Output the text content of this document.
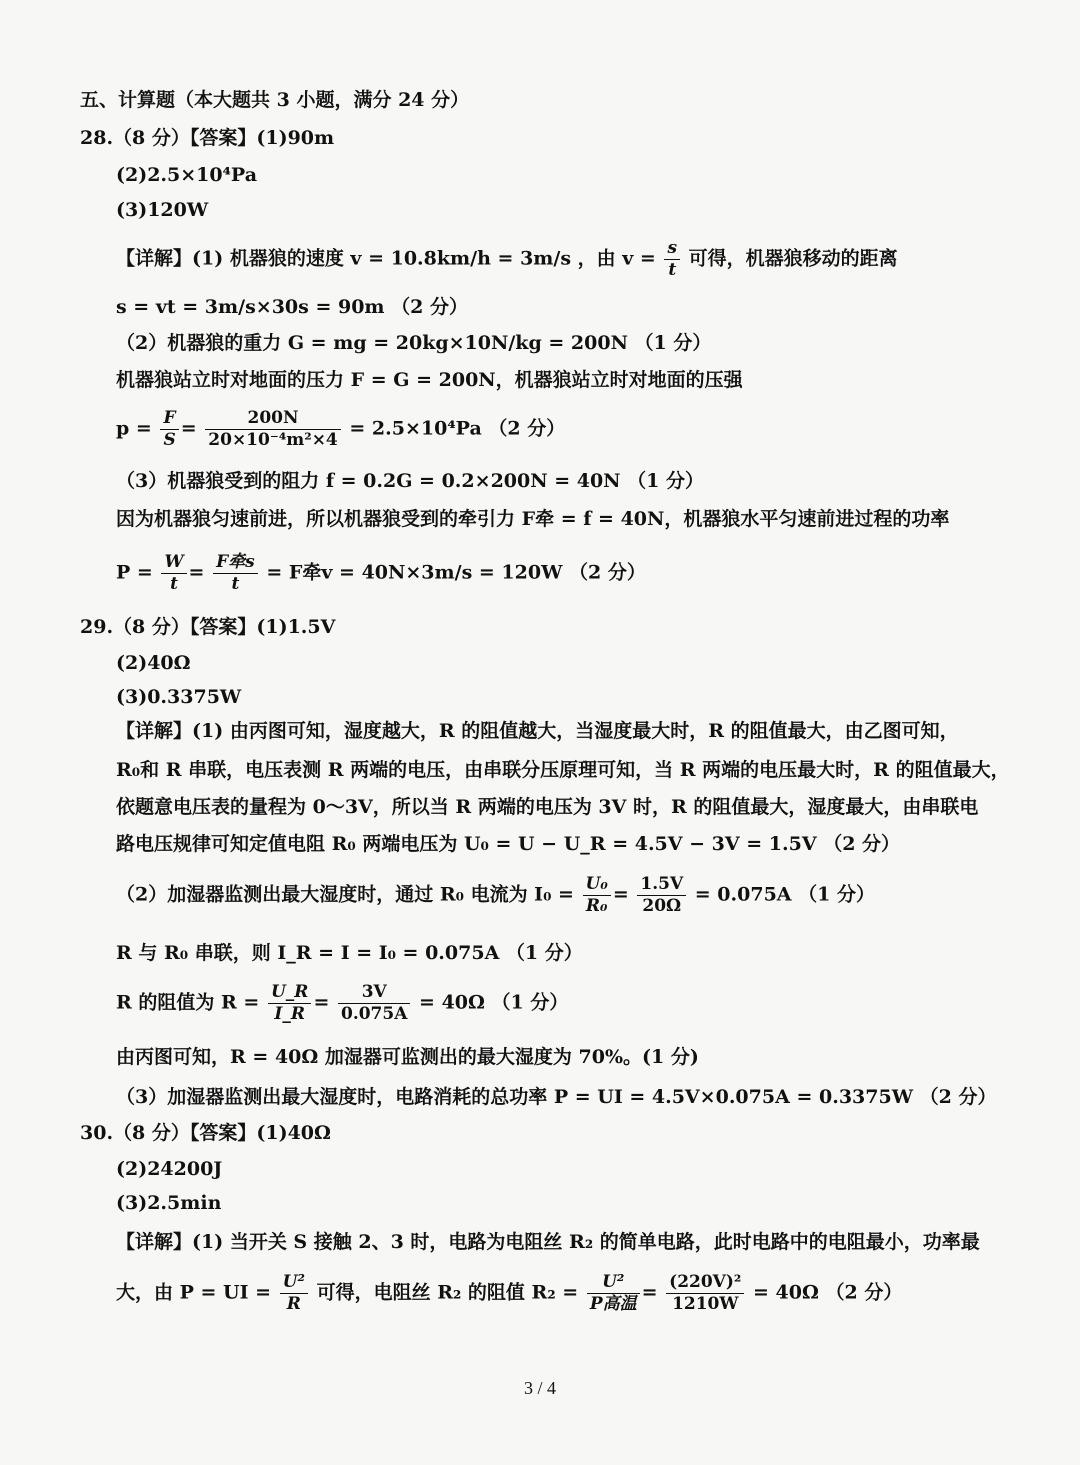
五、计算题（本大题共 3 小题，满分 24 分）
28.（8 分）【答案】(1)90m
(2)2.5×10⁴Pa
(3)120W
【详解】(1) 机器狼的速度 v = 10.8km/h = 3m/s ，由 $v = \frac{s}{t}$ 可得，机器狼移动的距离
s = vt = 3m/s×30s = 90m （2 分）
（2）机器狼的重力 G = mg = 20kg×10N/kg = 200N （1 分）
机器狼站立时对地面的压力 F = G = 200N，机器狼站立时对地面的压强
$p = \frac{F}{S} = \frac{200N}{\text{20×10⁻⁴m²×4}} = 2.5\times 10^4Pa$ （2 分）
（3）机器狼受到的阻力 f = 0.2G = 0.2×200N = 40N （1 分）
因为机器狼匀速前进，所以机器狼受到的牵引力 F牵 = f = 40N，机器狼水平匀速前进过程的功率
$P = \frac{W}{t} = \frac{\text{F牵s}}{t} = F$牵v = 40N×3m/s = 120W （2 分）
29.（8 分）【答案】(1)1.5V
(2)40Ω
(3)0.3375W
【详解】(1) 由丙图可知，湿度越大，R 的阻值越大，当湿度最大时，R 的阻值最大，由乙图可知，
R₀和 R 串联，电压表测 R 两端的电压，由串联分压原理可知，当 R 两端的电压最大时，R 的阻值最大，
依题意电压表的量程为 0～3V，所以当 R 两端的电压为 3V 时，R 的阻值最大，湿度最大，由串联电
路电压规律可知定值电阻 R₀ 两端电压为 U₀ = U − U_R = 4.5V − 3V = 1.5V （2 分）
（2）加湿器监测出最大湿度时，通过 R₀ 电流为 $I_0 = \frac{\text{U₀}}{\text{R₀}} = \frac{1.5V}{20\Omega} = 0.075A$ （1 分）
R 与 R₀ 串联，则 I_R = I = I₀ = 0.075A （1 分）
R 的阻值为 $R = \frac{U\_R}{I\_R} = \frac{3V}{0.075A} = 40\Omega$ （1 分）
由丙图可知，R = 40Ω 加湿器可监测出的最大湿度为 70%。(1 分)
（3）加湿器监测出最大湿度时，电路消耗的总功率 P = UI = 4.5V×0.075A = 0.3375W （2 分）
30.（8 分）【答案】(1)40Ω
(2)24200J
(3)2.5min
【详解】(1) 当开关 S 接触 2、3 时，电路为电阻丝 R₂ 的简单电路，此时电路中的电阻最小，功率最
大，由 P = UI = $\frac{\text{U²}}{R}$ 可得，电阻丝 R₂ 的阻值 $R_2 = \frac{\text{U²}}{\text{P高温}} = \frac{\text{(220V)²}}{1210W} = 40\Omega$ （2 分）
3 / 4
